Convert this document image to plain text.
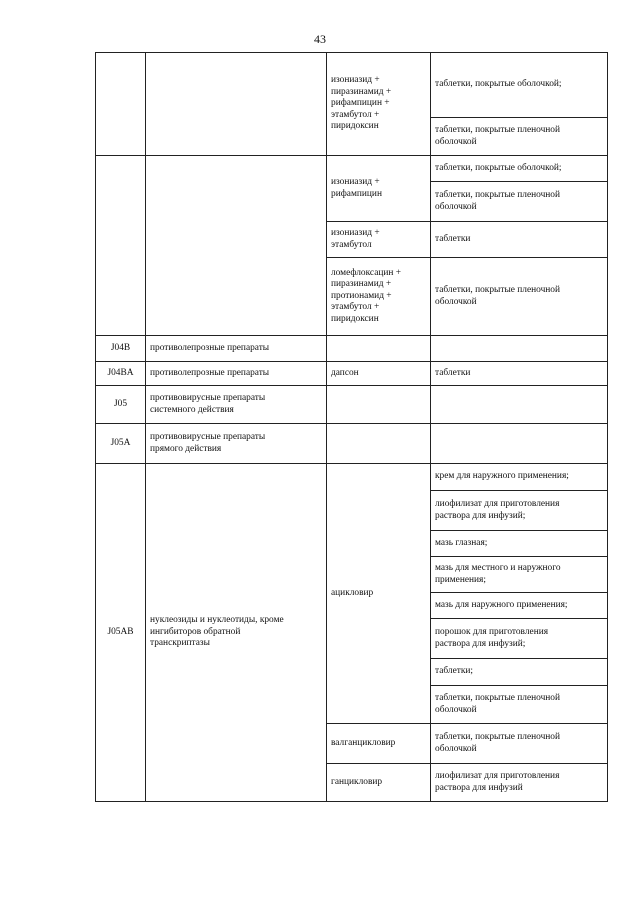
43
		изониазид +
пиразинамид +
рифампицин +
этамбутол +
пиридоксин	таблетки, покрытые оболочкой;
			таблетки, покрытые пленочной
оболочкой
		изониазид +
рифампицин	таблетки, покрытые оболочкой;
			таблетки, покрытые пленочной
оболочкой
		изониазид +
этамбутол	таблетки
		ломефлоксацин +
пиразинамид +
протионамид +
этамбутол +
пиридоксин	таблетки, покрытые пленочной
оболочкой

J04B	противолепрозные препараты		
J04BA	противолепрозные препараты	дапсон	таблетки
J05	противовирусные препараты
системного действия		
J05A	противовирусные препараты
прямого действия		
J05AB	нуклеозиды и нуклеотиды, кроме
ингибиторов обратной
транскриптазы	ацикловир	крем для наружного применения;
			лиофилизат для приготовления
раствора для инфузий;
			мазь глазная;
			мазь для местного и наружного
применения;
			мазь для наружного применения;
			порошок для приготовления
раствора для инфузий;
			таблетки;
			таблетки, покрытые пленочной
оболочкой
		валганцикловир	таблетки, покрытые пленочной
оболочкой
		ганцикловир	лиофилизат для приготовления
раствора для инфузий
